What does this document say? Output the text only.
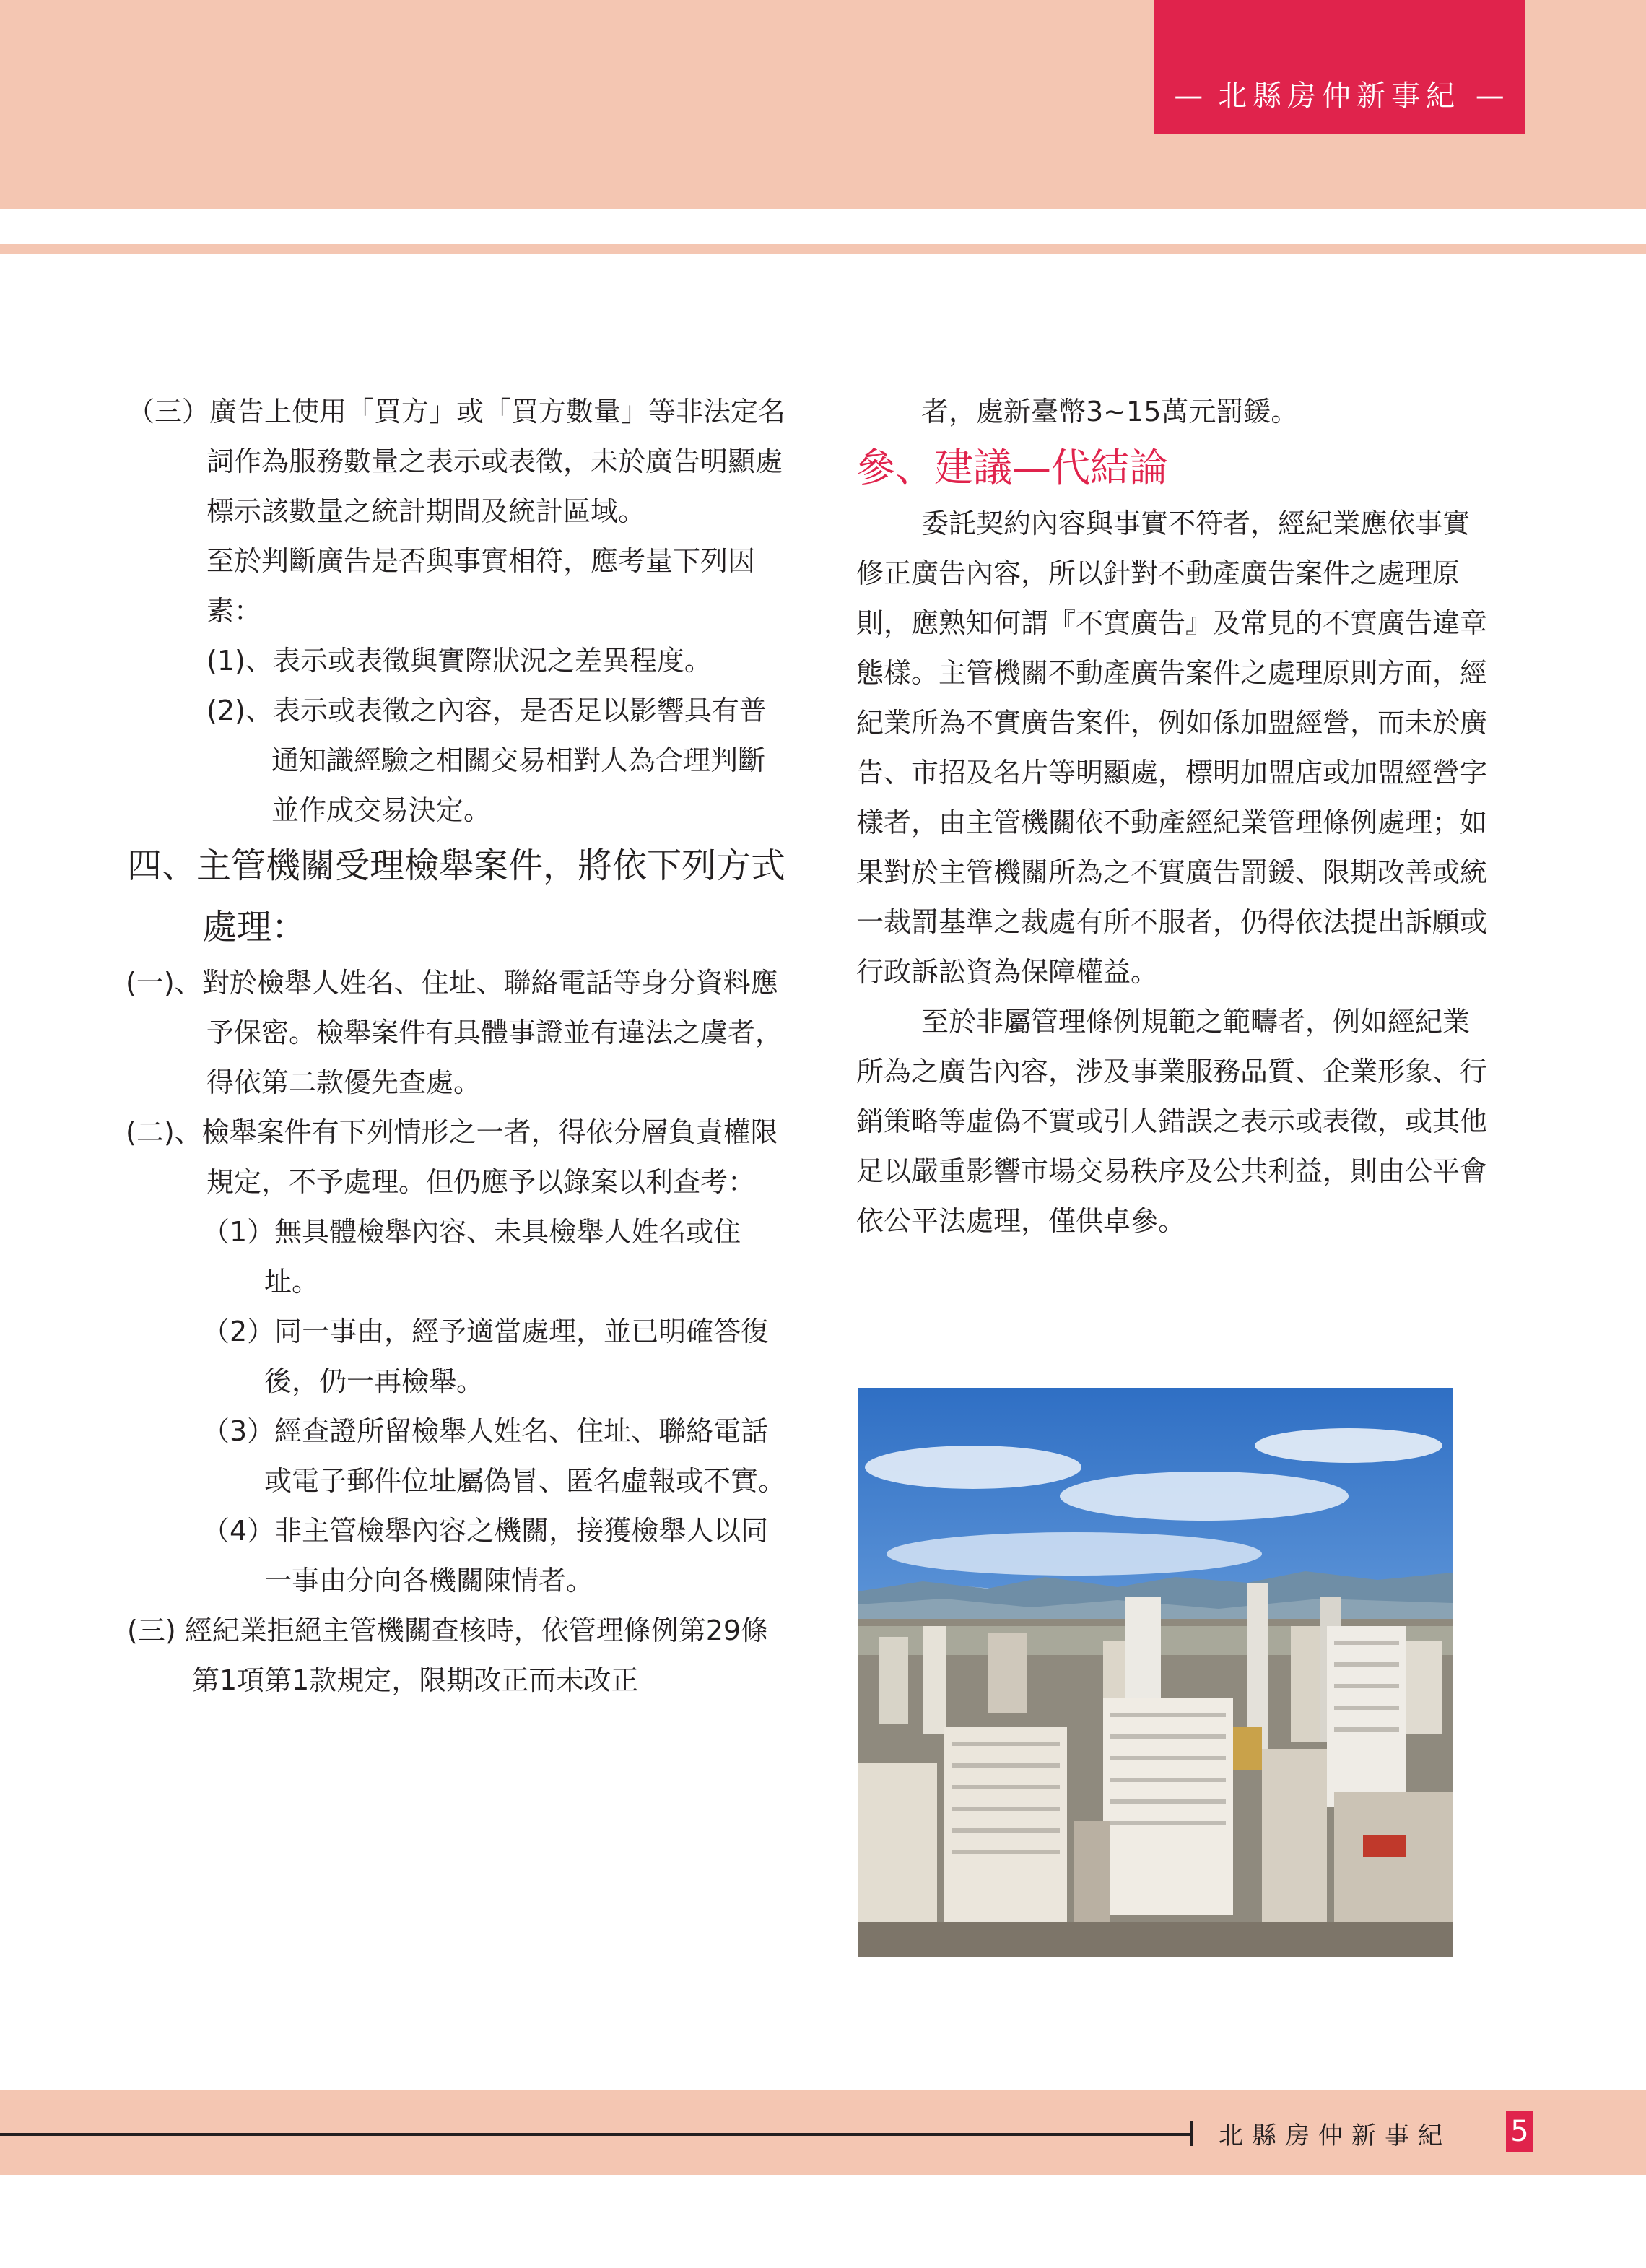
— 北縣房仲新事紀 —

（三）廣告上使用「買方」或「買方數量」等非法定名詞作為服務數量之表示或表徵，未於廣告明顯處標示該數量之統計期間及統計區域。

至於判斷廣告是否與事實相符，應考量下列因素：

(1)、表示或表徵與實際狀況之差異程度。

(2)、表示或表徵之內容，是否足以影響具有普通知識經驗之相關交易相對人為合理判斷並作成交易決定。

四、主管機關受理檢舉案件，將依下列方式處理：

(一)、對於檢舉人姓名、住址、聯絡電話等身分資料應予保密。檢舉案件有具體事證並有違法之虞者，得依第二款優先查處。

(二)、檢舉案件有下列情形之一者，得依分層負責權限規定，不予處理。但仍應予以錄案以利查考：

（1）無具體檢舉內容、未具檢舉人姓名或住址。

（2）同一事由，經予適當處理，並已明確答復後，仍一再檢舉。

（3）經查證所留檢舉人姓名、住址、聯絡電話或電子郵件位址屬偽冒、匿名虛報或不實。

（4）非主管檢舉內容之機關，接獲檢舉人以同一事由分向各機關陳情者。

(三) 經紀業拒絕主管機關查核時，依管理條例第29條第1項第1款規定，限期改正而未改正

者，處新臺幣3~15萬元罰鍰。

參、建議—代結論

委託契約內容與事實不符者，經紀業應依事實修正廣告內容，所以針對不動產廣告案件之處理原則，應熟知何謂『不實廣告』及常見的不實廣告違章態樣。主管機關不動產廣告案件之處理原則方面，經紀業所為不實廣告案件，例如係加盟經營，而未於廣告、市招及名片等明顯處，標明加盟店或加盟經營字樣者，由主管機關依不動產經紀業管理條例處理；如果對於主管機關所為之不實廣告罰鍰、限期改善或統一裁罰基準之裁處有所不服者，仍得依法提出訴願或行政訴訟資為保障權益。

至於非屬管理條例規範之範疇者，例如經紀業所為之廣告內容，涉及事業服務品質、企業形象、行銷策略等虛偽不實或引人錯誤之表示或表徵，或其他足以嚴重影響市場交易秩序及公共利益，則由公平會依公平法處理，僅供卓參。

北縣房仲新事紀 5
